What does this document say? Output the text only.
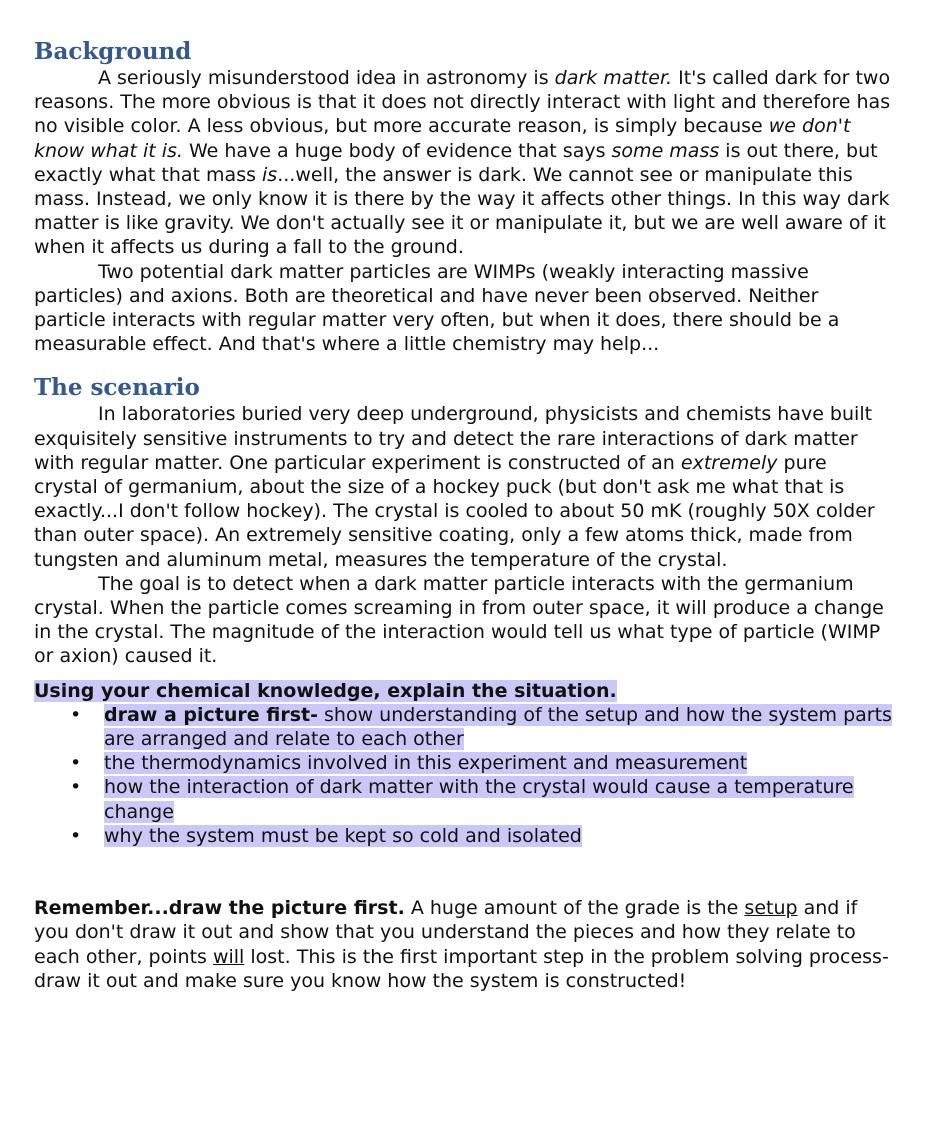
Background

A seriously misunderstood idea in astronomy is dark matter. It's called dark for two reasons. The more obvious is that it does not directly interact with light and therefore has no visible color. A less obvious, but more accurate reason, is simply because we don't know what it is. We have a huge body of evidence that says some mass is out there, but exactly what that mass is...well, the answer is dark. We cannot see or manipulate this mass. Instead, we only know it is there by the way it affects other things. In this way dark matter is like gravity. We don't actually see it or manipulate it, but we are well aware of it when it affects us during a fall to the ground.

Two potential dark matter particles are WIMPs (weakly interacting massive particles) and axions. Both are theoretical and have never been observed. Neither particle interacts with regular matter very often, but when it does, there should be a measurable effect. And that's where a little chemistry may help...

The scenario

In laboratories buried very deep underground, physicists and chemists have built exquisitely sensitive instruments to try and detect the rare interactions of dark matter with regular matter. One particular experiment is constructed of an extremely pure crystal of germanium, about the size of a hockey puck (but don't ask me what that is exactly...I don't follow hockey). The crystal is cooled to about 50 mK (roughly 50X colder than outer space). An extremely sensitive coating, only a few atoms thick, made from tungsten and aluminum metal, measures the temperature of the crystal.

The goal is to detect when a dark matter particle interacts with the germanium crystal. When the particle comes screaming in from outer space, it will produce a change in the crystal. The magnitude of the interaction would tell us what type of particle (WIMP or axion) caused it.

Using your chemical knowledge, explain the situation.

• draw a picture first- show understanding of the setup and how the system parts are arranged and relate to each other
• the thermodynamics involved in this experiment and measurement
• how the interaction of dark matter with the crystal would cause a temperature change
• why the system must be kept so cold and isolated

Remember...draw the picture first. A huge amount of the grade is the setup and if you don't draw it out and show that you understand the pieces and how they relate to each other, points will lost. This is the first important step in the problem solving process- draw it out and make sure you know how the system is constructed!
